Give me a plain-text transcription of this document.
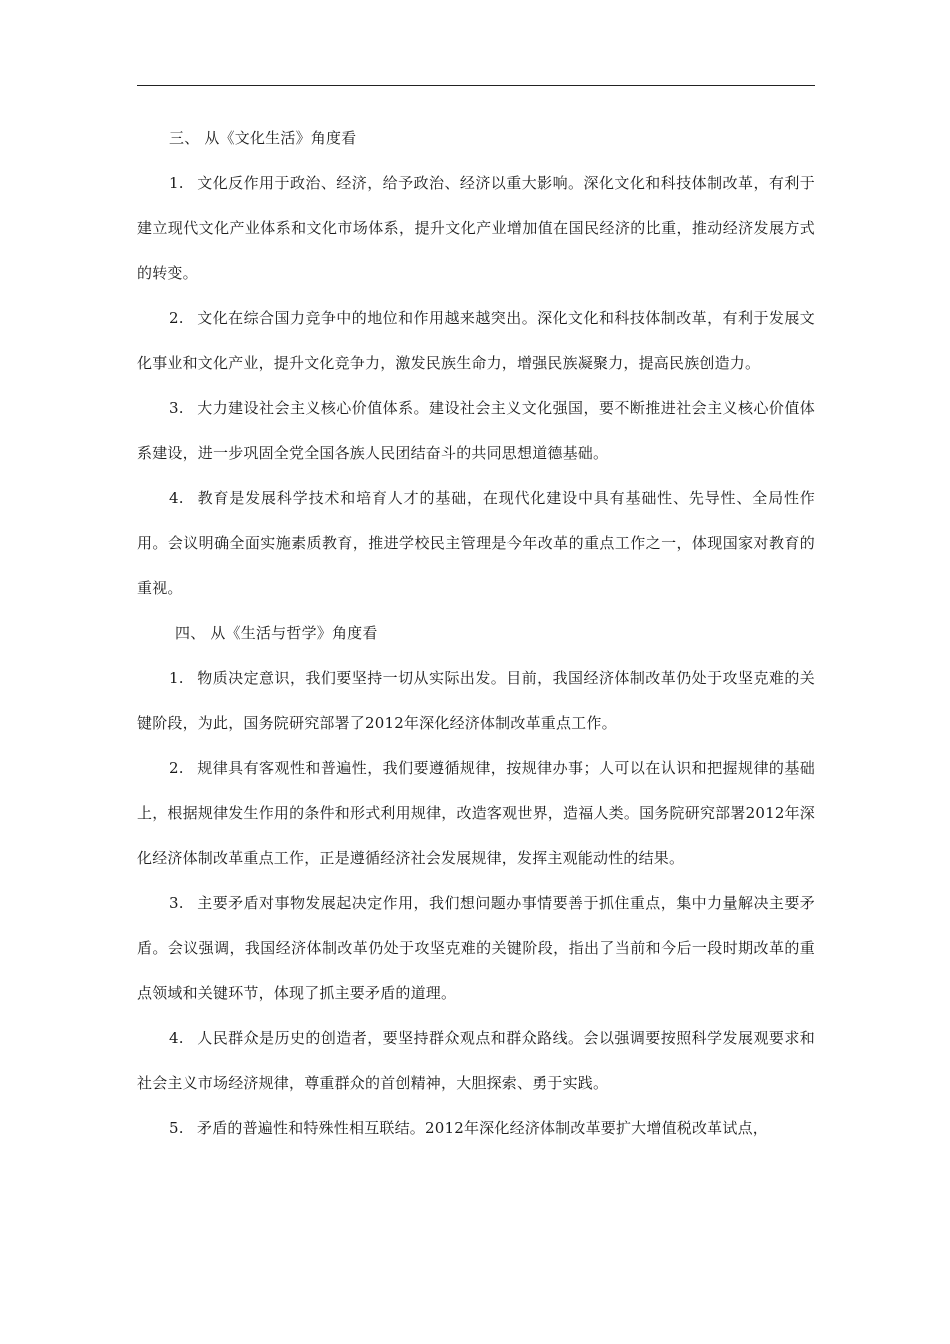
三、 从《文化生活》角度看

1. 文化反作用于政治、经济，给予政治、经济以重大影响。深化文化和科技体制改革，有利于建立现代文化产业体系和文化市场体系，提升文化产业增加值在国民经济的比重，推动经济发展方式的转变。

2. 文化在综合国力竞争中的地位和作用越来越突出。深化文化和科技体制改革，有利于发展文化事业和文化产业，提升文化竞争力，激发民族生命力，增强民族凝聚力，提高民族创造力。

3. 大力建设社会主义核心价值体系。建设社会主义文化强国，要不断推进社会主义核心价值体系建设，进一步巩固全党全国各族人民团结奋斗的共同思想道德基础。

4. 教育是发展科学技术和培育人才的基础，在现代化建设中具有基础性、先导性、全局性作用。会议明确全面实施素质教育，推进学校民主管理是今年改革的重点工作之一，体现国家对教育的重视。

四、 从《生活与哲学》角度看

1. 物质决定意识，我们要坚持一切从实际出发。目前，我国经济体制改革仍处于攻坚克难的关键阶段，为此，国务院研究部署了2012年深化经济体制改革重点工作。

2. 规律具有客观性和普遍性，我们要遵循规律，按规律办事；人可以在认识和把握规律的基础上，根据规律发生作用的条件和形式利用规律，改造客观世界，造福人类。国务院研究部署2012年深化经济体制改革重点工作，正是遵循经济社会发展规律，发挥主观能动性的结果。

3. 主要矛盾对事物发展起决定作用，我们想问题办事情要善于抓住重点，集中力量解决主要矛盾。会议强调，我国经济体制改革仍处于攻坚克难的关键阶段，指出了当前和今后一段时期改革的重点领域和关键环节，体现了抓主要矛盾的道理。

4. 人民群众是历史的创造者，要坚持群众观点和群众路线。会以强调要按照科学发展观要求和社会主义市场经济规律，尊重群众的首创精神，大胆探索、勇于实践。

5. 矛盾的普遍性和特殊性相互联结。2012年深化经济体制改革要扩大增值税改革试点，
